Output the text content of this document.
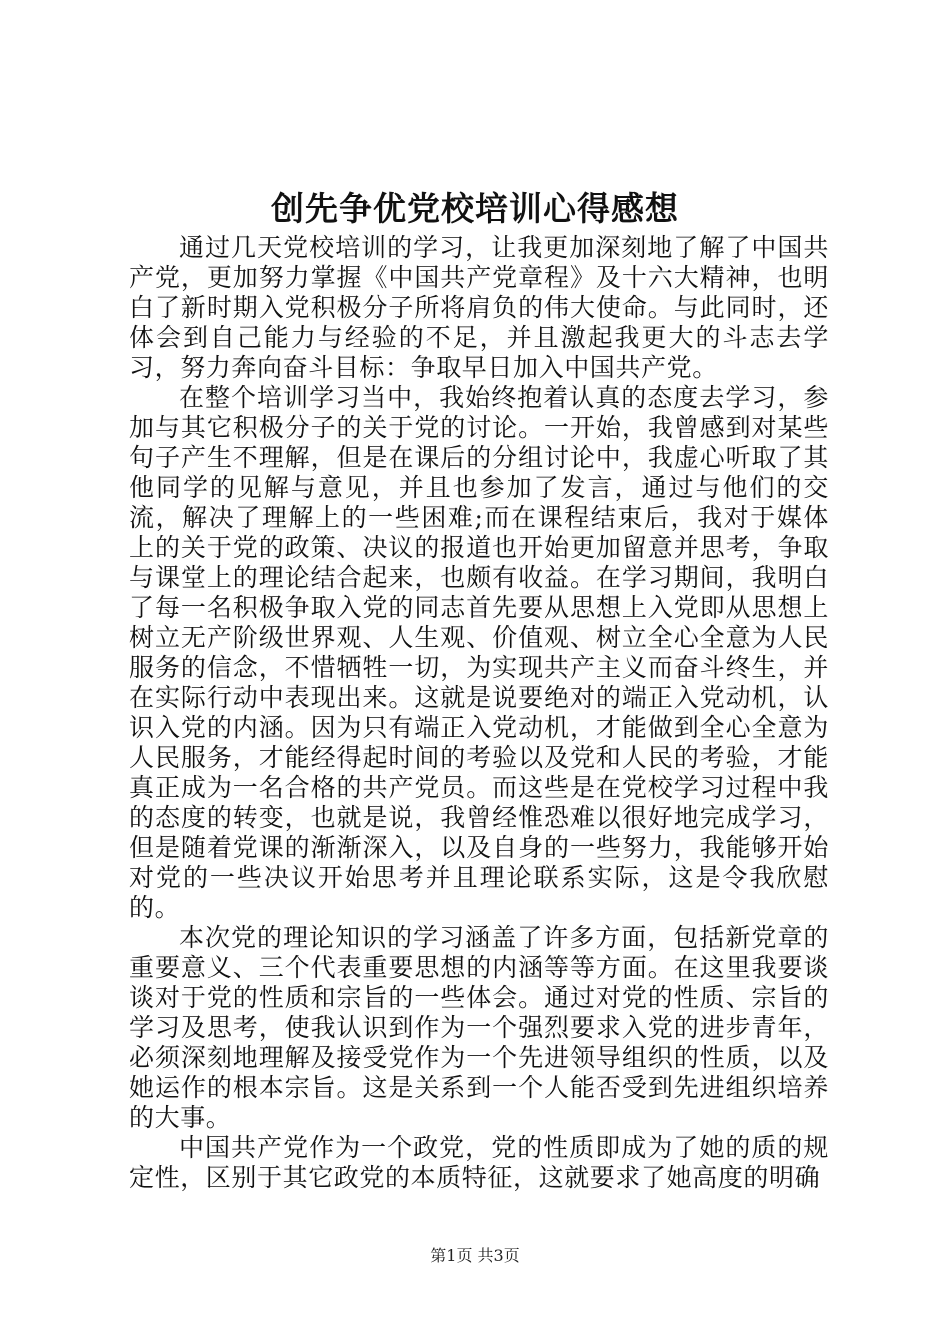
创先争优党校培训心得感想

通过几天党校培训的学习，让我更加深刻地了解了中国共产党，更加努力掌握《中国共产党章程》及十六大精神，也明白了新时期入党积极分子所将肩负的伟大使命。与此同时，还体会到自己能力与经验的不足，并且激起我更大的斗志去学习，努力奔向奋斗目标：争取早日加入中国共产党。

在整个培训学习当中，我始终抱着认真的态度去学习，参加与其它积极分子的关于党的讨论。一开始，我曾感到对某些句子产生不理解，但是在课后的分组讨论中，我虚心听取了其他同学的见解与意见，并且也参加了发言，通过与他们的交流，解决了理解上的一些困难;而在课程结束后，我对于媒体上的关于党的政策、决议的报道也开始更加留意并思考，争取与课堂上的理论结合起来，也颇有收益。在学习期间，我明白了每一名积极争取入党的同志首先要从思想上入党即从思想上树立无产阶级世界观、人生观、价值观、树立全心全意为人民服务的信念，不惜牺牲一切，为实现共产主义而奋斗终生，并在实际行动中表现出来。这就是说要绝对的端正入党动机，认识入党的内涵。因为只有端正入党动机，才能做到全心全意为人民服务，才能经得起时间的考验以及党和人民的考验，才能真正成为一名合格的共产党员。而这些是在党校学习过程中我的态度的转变，也就是说，我曾经惟恐难以很好地完成学习，但是随着党课的渐渐深入，以及自身的一些努力，我能够开始对党的一些决议开始思考并且理论联系实际，这是令我欣慰的。

本次党的理论知识的学习涵盖了许多方面，包括新党章的重要意义、三个代表重要思想的内涵等等方面。在这里我要谈谈对于党的性质和宗旨的一些体会。通过对党的性质、宗旨的学习及思考，使我认识到作为一个强烈要求入党的进步青年，必须深刻地理解及接受党作为一个先进领导组织的性质，以及她运作的根本宗旨。这是关系到一个人能否受到先进组织培养的大事。

中国共产党作为一个政党，党的性质即成为了她的质的规定性，区别于其它政党的本质特征，这就要求了她高度的明确

第1页 共3页
